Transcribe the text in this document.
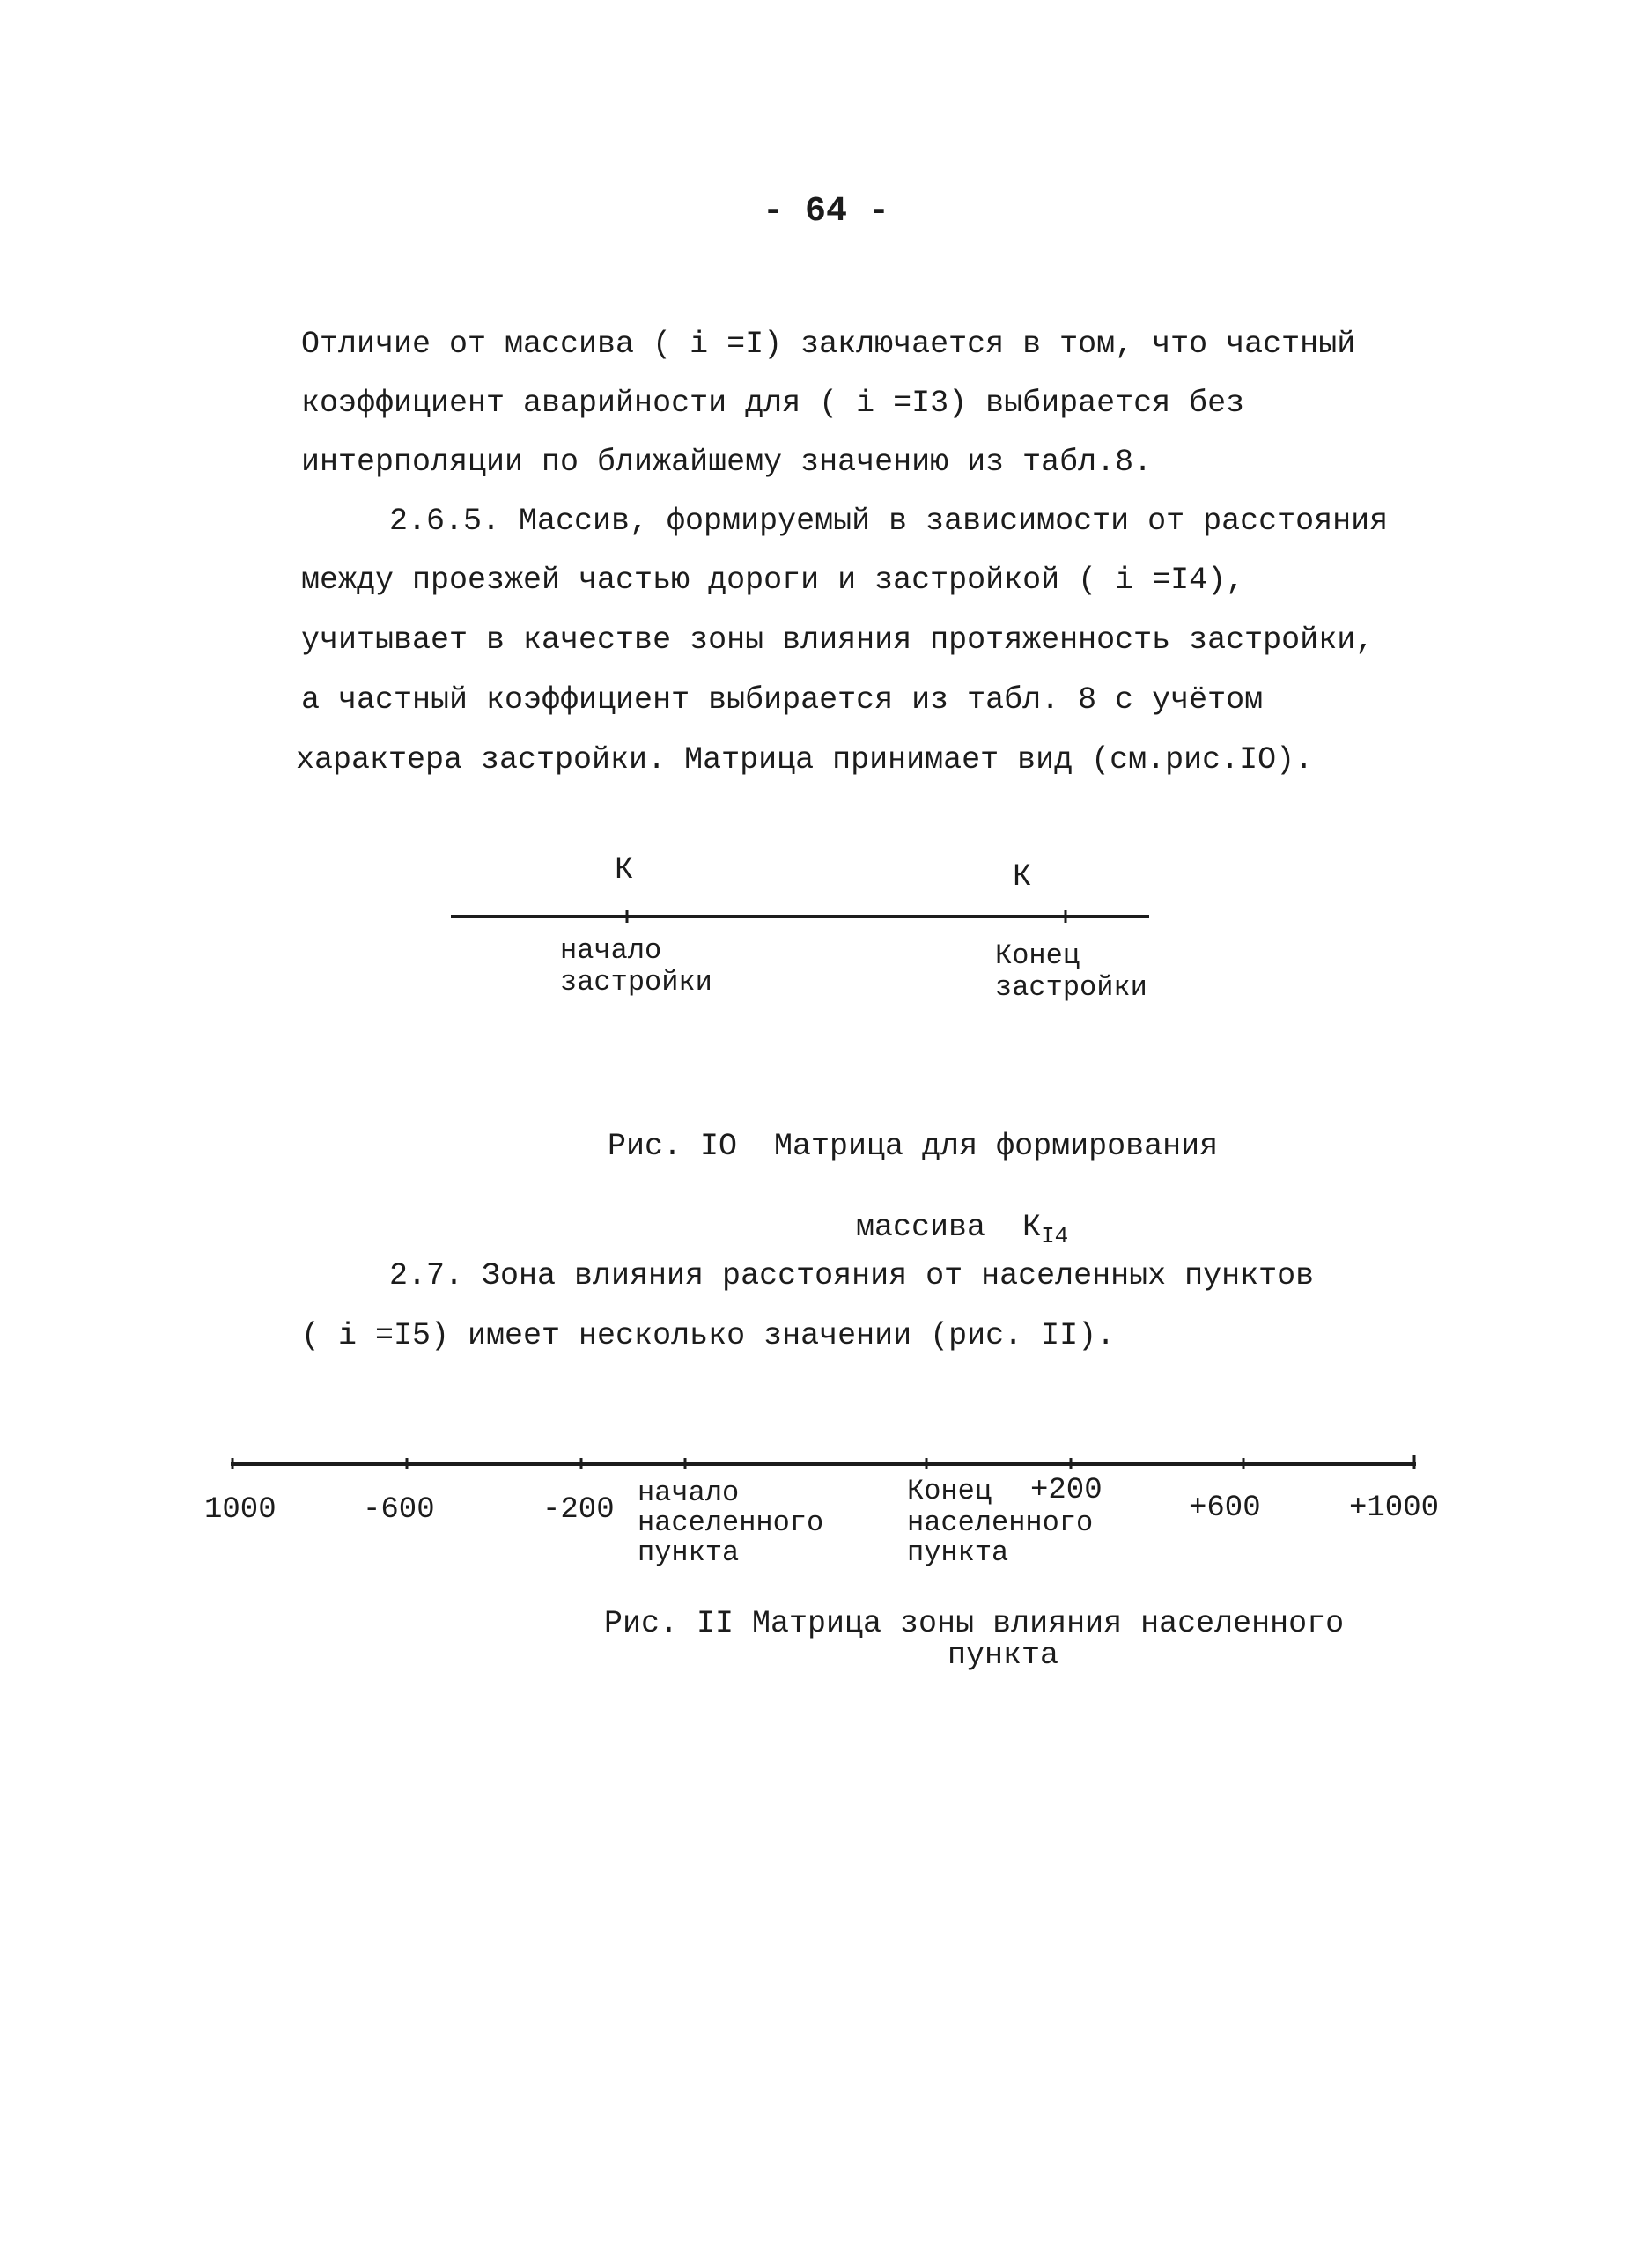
- 64 -
Отличие от массива ( i =I) заключается в том, что частный
коэффициент аварийности для ( i =I3) выбирается без
интерполяции по ближайшему значению из табл.8.
2.6.5. Массив, формируемый в зависимости от расстояния
между проезжей частью дороги и застройкой ( i =I4),
учитывает в качестве зоны влияния протяженность застройки,
а частный коэффициент выбирается из табл. 8 с учётом
характера застройки. Матрица принимает вид (см.рис.IO).
К	К
начало
застройки
Конец
застройки
Рис. IO  Матрица для формирования

массива  $К_{I4}$

2.7. Зона влияния расстояния от населенных пунктов
( i =I5) имеет несколько значении (рис. II).
1000	-600	-200
начало
населенного
пункта
Конец
населенного
пункта
+200
+600	+1000
Рис. II Матрица зоны влияния населенного
пункта
